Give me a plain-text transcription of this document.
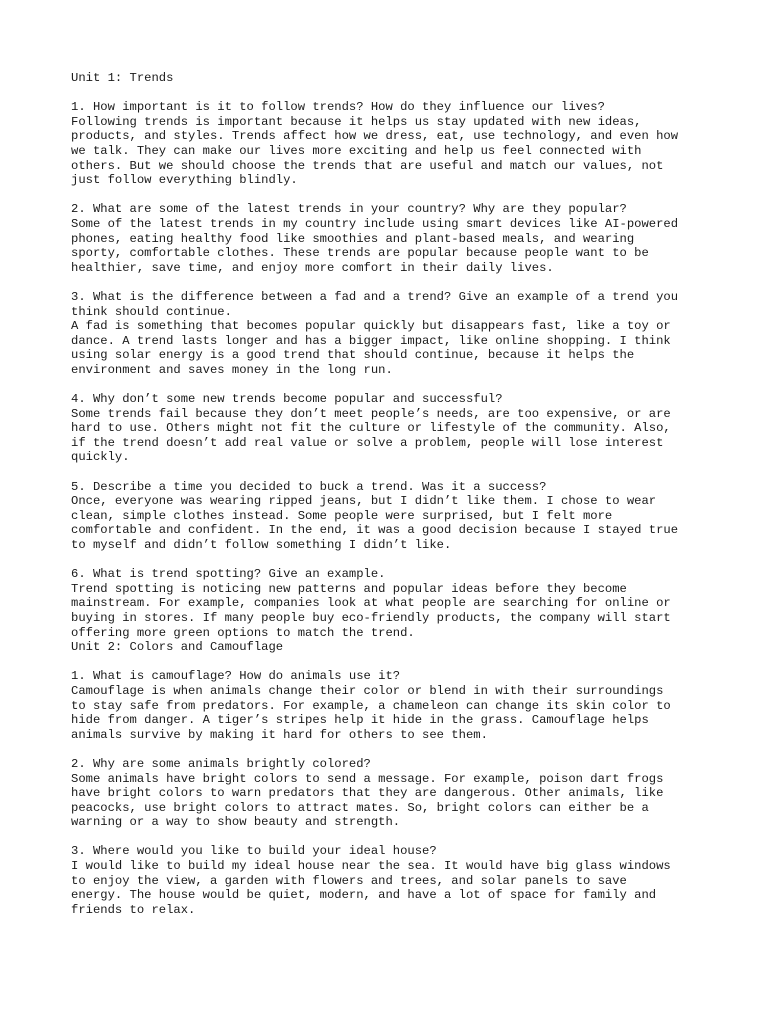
Unit 1: Trends
1. How important is it to follow trends? How do they influence our lives?
Following trends is important because it helps us stay updated with new ideas,
products, and styles. Trends affect how we dress, eat, use technology, and even how
we talk. They can make our lives more exciting and help us feel connected with
others. But we should choose the trends that are useful and match our values, not
just follow everything blindly.
2. What are some of the latest trends in your country? Why are they popular?
Some of the latest trends in my country include using smart devices like AI-powered
phones, eating healthy food like smoothies and plant-based meals, and wearing
sporty, comfortable clothes. These trends are popular because people want to be
healthier, save time, and enjoy more comfort in their daily lives.
3. What is the difference between a fad and a trend? Give an example of a trend you
think should continue.
A fad is something that becomes popular quickly but disappears fast, like a toy or
dance. A trend lasts longer and has a bigger impact, like online shopping. I think
using solar energy is a good trend that should continue, because it helps the
environment and saves money in the long run.
4. Why don’t some new trends become popular and successful?
Some trends fail because they don’t meet people’s needs, are too expensive, or are
hard to use. Others might not fit the culture or lifestyle of the community. Also,
if the trend doesn’t add real value or solve a problem, people will lose interest
quickly.
5. Describe a time you decided to buck a trend. Was it a success?
Once, everyone was wearing ripped jeans, but I didn’t like them. I chose to wear
clean, simple clothes instead. Some people were surprised, but I felt more
comfortable and confident. In the end, it was a good decision because I stayed true
to myself and didn’t follow something I didn’t like.
6. What is trend spotting? Give an example.
Trend spotting is noticing new patterns and popular ideas before they become
mainstream. For example, companies look at what people are searching for online or
buying in stores. If many people buy eco-friendly products, the company will start
offering more green options to match the trend.
Unit 2: Colors and Camouflage
1. What is camouflage? How do animals use it?
Camouflage is when animals change their color or blend in with their surroundings
to stay safe from predators. For example, a chameleon can change its skin color to
hide from danger. A tiger’s stripes help it hide in the grass. Camouflage helps
animals survive by making it hard for others to see them.
2. Why are some animals brightly colored?
Some animals have bright colors to send a message. For example, poison dart frogs
have bright colors to warn predators that they are dangerous. Other animals, like
peacocks, use bright colors to attract mates. So, bright colors can either be a
warning or a way to show beauty and strength.
3. Where would you like to build your ideal house?
I would like to build my ideal house near the sea. It would have big glass windows
to enjoy the view, a garden with flowers and trees, and solar panels to save
energy. The house would be quiet, modern, and have a lot of space for family and
friends to relax.
